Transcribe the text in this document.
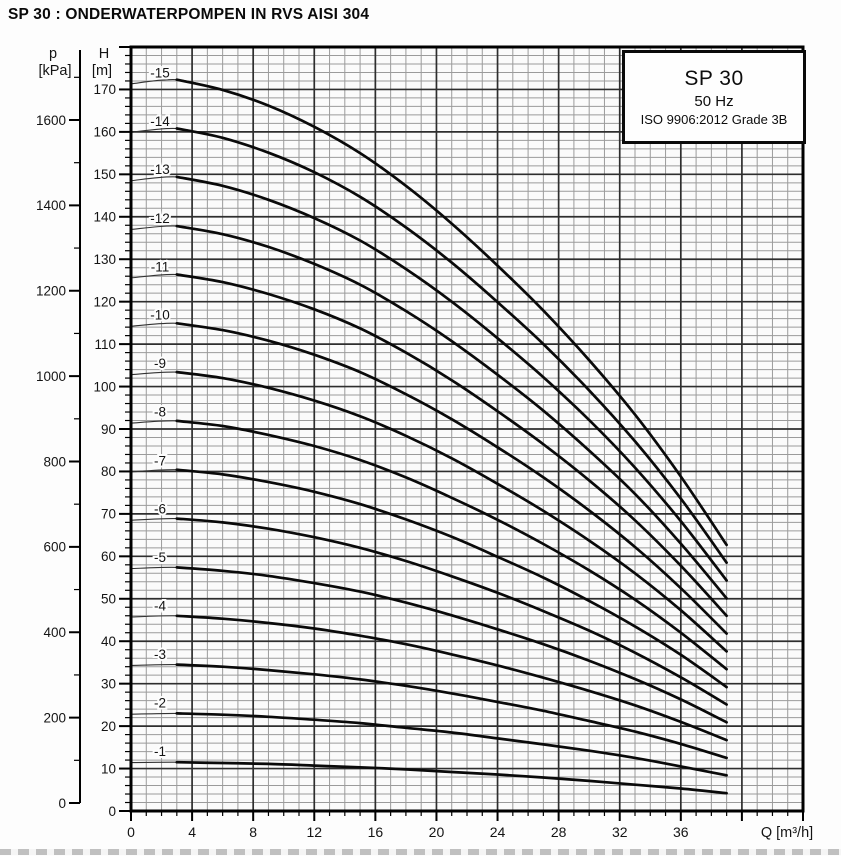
SP 30 : ONDERWATERPOMPEN IN RVS AISI 304
-15
-14
-13
-12
-11
-10
-9
-8
-7
-6
-5
-4
-3
-2
-1
0
10
20
30
40
50
60
70
80
90
100
110
120
130
140
150
160
170
H
[m]
0
200
400
600
800
1000
1200
1400
1600
p
[kPa]
0	4	8	12	16	20	24	28	32	36	Q [m³/h]
SP 30
50 Hz
ISO 9906:2012 Grade 3B
